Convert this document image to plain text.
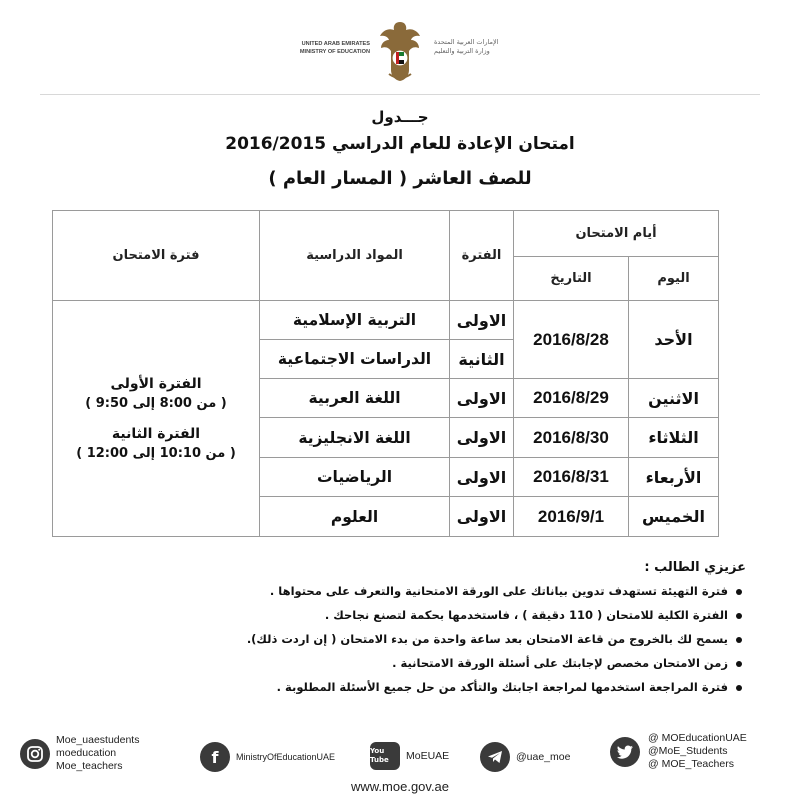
UNITED ARAB EMIRATES
MINISTRY OF EDUCATION
الإمارات العربية المتحدة
وزارة التربية والتعليم
جـــدول
امتحان الإعادة للعام الدراسي 2016/2015
للصف العاشر ( المسار العام )
أيام الامتحان		الفترة	المواد الدراسية	فترة الامتحان
اليوم	التاريخ			
الأحد	2016/8/28	الاولى	التربية الإسلامية	الفترة الأولى
( من 8:00 إلى 9:50 )
الفترة الثانية
( من 10:10 إلى 12:00 )

		الثانية	الدراسات الاجتماعية	
الاثنين	2016/8/29	الاولى	اللغة العربية	
الثلاثاء	2016/8/30	الاولى	اللغة الانجليزية	
الأربعاء	2016/8/31	الاولى	الرياضيات	
الخميس	2016/9/1	الاولى	العلوم	
عزيزي الطالب :
فترة التهيئة تستهدف تدوين بياناتك على الورقة الامتحانية والتعرف على محتواها .
الفترة الكلية للامتحان ( 110 دقيقة ) ، فاستخدمها بحكمة لتصنع نجاحك .
يسمح لك بالخروج من قاعة الامتحان بعد ساعة واحدة من بدء الامتحان ( إن اردت ذلك).
زمن الامتحان مخصص لإجابتك على أسئلة الورقة الامتحانية .
فترة المراجعة استخدمها لمراجعة اجابتك والتأكد من حل جميع الأسئلة المطلوبة .
Moe_uaestudents
moeducation
Moe_teachers	f	MinistryOfEducationUAE
You Tube	MoEUAE	@uae_moe
@ MOEducationUAE
@MoE_Students
@ MOE_Teachers
www.moe.gov.ae
